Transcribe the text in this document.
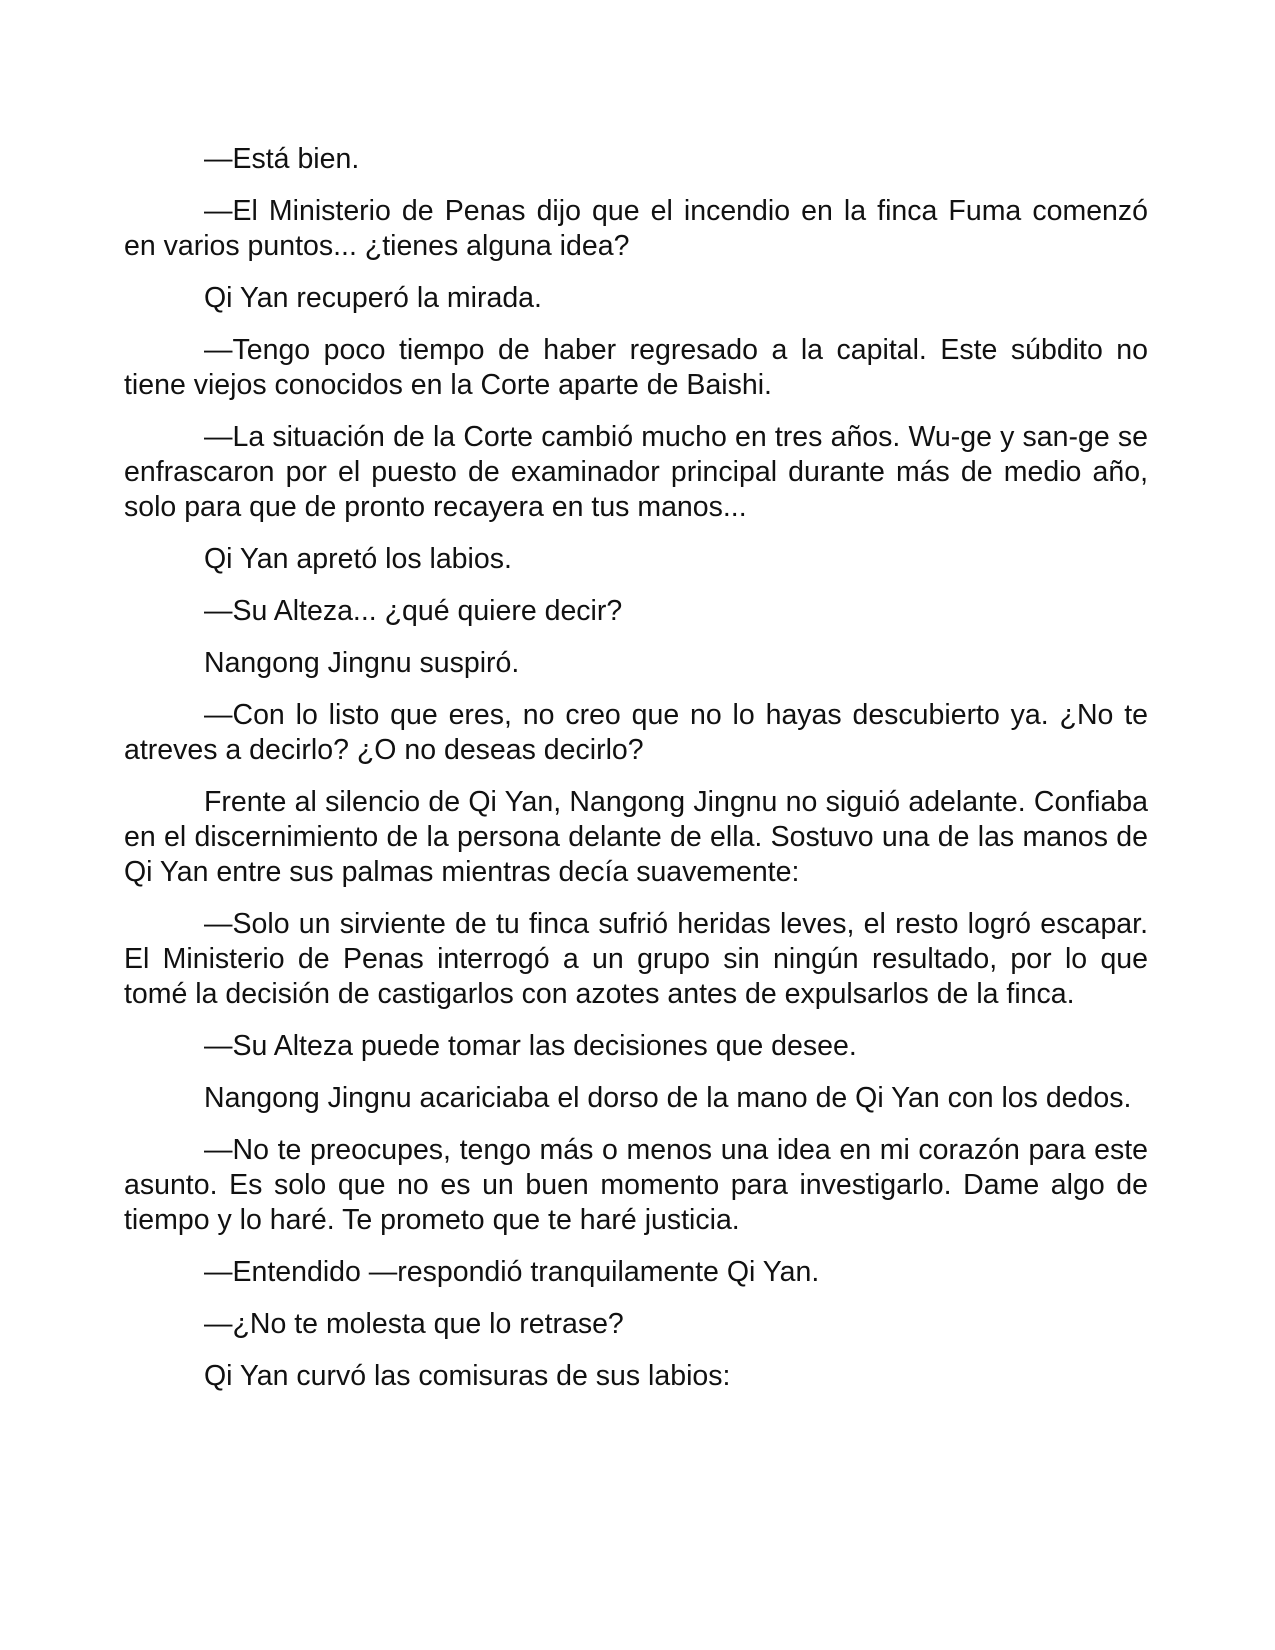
—Está bien.

—El Ministerio de Penas dijo que el incendio en la finca Fuma comenzó en varios puntos... ¿tienes alguna idea?

Qi Yan recuperó la mirada.

—Tengo poco tiempo de haber regresado a la capital. Este súbdito no tiene viejos conocidos en la Corte aparte de Baishi.

—La situación de la Corte cambió mucho en tres años. Wu-ge y san-ge se enfrascaron por el puesto de examinador principal durante más de medio año, solo para que de pronto recayera en tus manos...

Qi Yan apretó los labios.

—Su Alteza... ¿qué quiere decir?

Nangong Jingnu suspiró.

—Con lo listo que eres, no creo que no lo hayas descubierto ya. ¿No te atreves a decirlo? ¿O no deseas decirlo?

Frente al silencio de Qi Yan, Nangong Jingnu no siguió adelante. Confiaba en el discernimiento de la persona delante de ella. Sostuvo una de las manos de Qi Yan entre sus palmas mientras decía suavemente:

—Solo un sirviente de tu finca sufrió heridas leves, el resto logró escapar. El Ministerio de Penas interrogó a un grupo sin ningún resultado, por lo que tomé la decisión de castigarlos con azotes antes de expulsarlos de la finca.

—Su Alteza puede tomar las decisiones que desee.

Nangong Jingnu acariciaba el dorso de la mano de Qi Yan con los dedos.

—No te preocupes, tengo más o menos una idea en mi corazón para este asunto. Es solo que no es un buen momento para investigarlo. Dame algo de tiempo y lo haré. Te prometo que te haré justicia.

—Entendido —respondió tranquilamente Qi Yan.

—¿No te molesta que lo retrase?

Qi Yan curvó las comisuras de sus labios:
